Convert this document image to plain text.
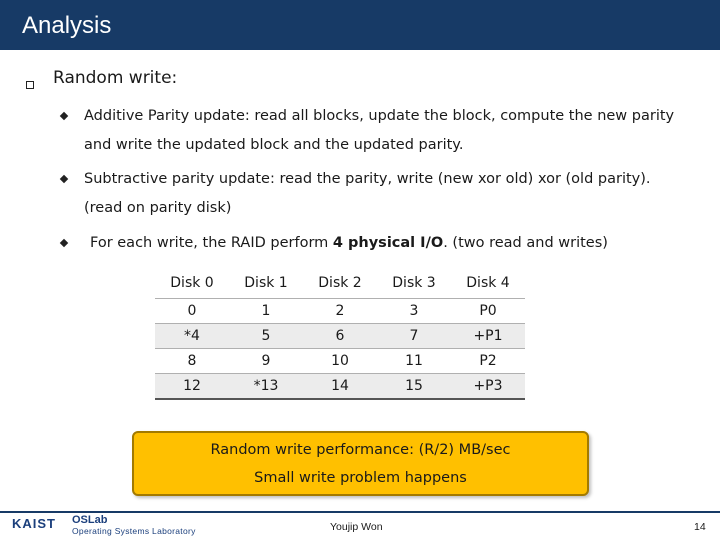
Analysis
Random write:
Additive Parity update: read all blocks, update the block, compute the new parity
and write the updated block and the updated parity.
Subtractive parity update: read the parity, write (new xor old) xor (old parity).
(read on parity disk)
For each write, the RAID perform 4 physical I/O. (two read and writes)
Disk 0	Disk 1	Disk 2	Disk 3	Disk 4
0	1	2	3	P0
*4	5	6	7	+P1
8	9	10	11	P2
12	*13	14	15	+P3
Random write performance: (R/2) MB/sec
Small write problem happens
KAIST OSLab
Operating Systems Laboratory	Youjip Won	14
